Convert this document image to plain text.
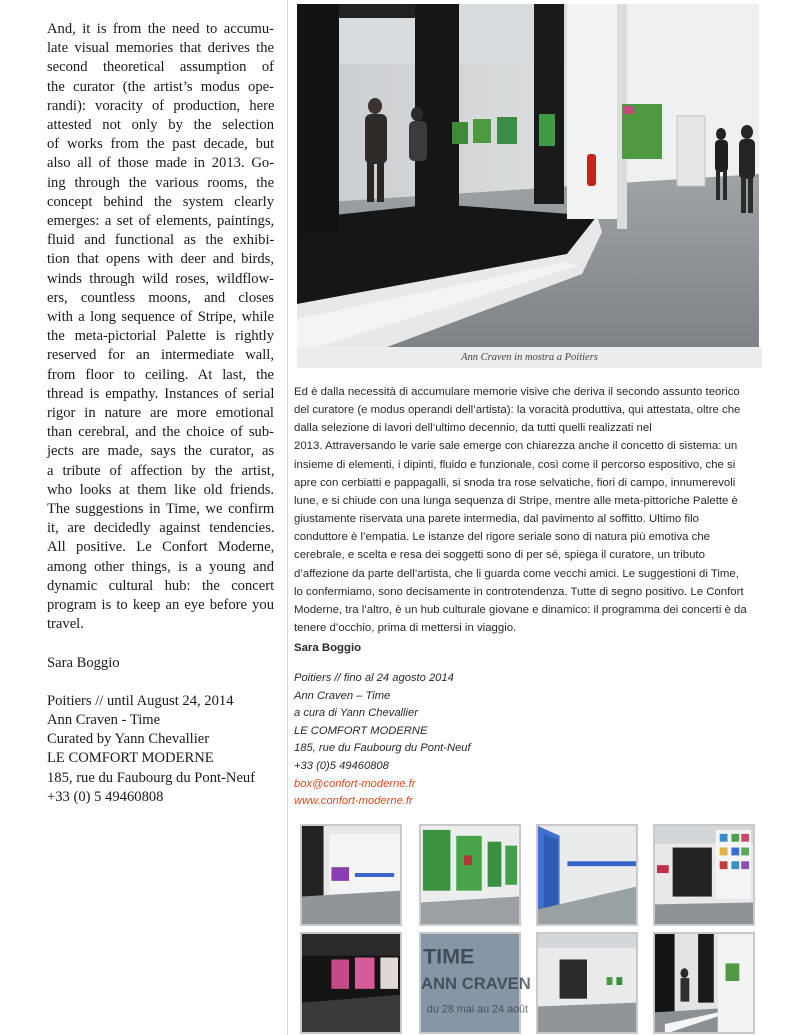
And, it is from the need to accumu-
late visual memories that derives the
second theoretical assumption of
the curator (the artist’s modus ope-
randi): voracity of production, here
attested not only by the selection
of works from the past decade, but
also all of those made in 2013. Go-
ing through the various rooms, the
concept behind the system clearly
emerges: a set of elements, paintings,
fluid and functional as the exhibi-
tion that opens with deer and birds,
winds through wild roses, wildflow-
ers, countless moons, and closes
with a long sequence of Stripe, while
the meta-pictorial Palette is rightly
reserved for an intermediate wall,
from floor to ceiling. At last, the
thread is empathy. Instances of serial
rigor in nature are more emotional
than cerebral, and the choice of sub-
jects are made, says the curator, as
a tribute of affection by the artist,
who looks at them like old friends.
The suggestions in Time, we confirm
it, are decidedly against tendencies.
All positive. Le Confort Moderne,
among other things, is a young and
dynamic cultural hub: the concert
program is to keep an eye before you
travel.
Sara Boggio
Poitiers // until August 24, 2014
Ann Craven - Time
Curated by Yann Chevallier
LE COMFORT MODERNE
185, rue du Faubourg du Pont-Neuf
+33 (0) 5 49460808
Ann Craven in mostra a Poitiers
Ed è dalla necessità di accumulare memorie visive che deriva il secondo assunto teorico
del curatore (e modus operandi dell’artista): la voracità produttiva, qui attestata, oltre che
dalla selezione di lavori dell’ultimo decennio, da tutti quelli realizzati nel
2013. Attraversando le varie sale emerge con chiarezza anche il concetto di sistema: un
insieme di elementi, i dipinti, fluido e funzionale, così come il percorso espositivo, che si
apre con cerbiatti e pappagalli, si snoda tra rose selvatiche, fiori di campo, innumerevoli
lune, e si chiude con una lunga sequenza di Stripe, mentre alle meta-pittoriche Palette è
giustamente riservata una parete intermedia, dal pavimento al soffitto. Ultimo filo
conduttore è l’empatia. Le istanze del rigore seriale sono di natura più emotiva che
cerebrale, e scelta e resa dei soggetti sono di per sé, spiega il curatore, un tributo
d’affezione da parte dell’artista, che li guarda come vecchi amici. Le suggestioni di Time,
lo confermiamo, sono decisamente in controtendenza. Tutte di segno positivo. Le Confort
Moderne, tra l’altro, è un hub culturale giovane e dinamico: il programma dei concerti è da
tenere d’occhio, prima di mettersi in viaggio.
Sara Boggio
Poitiers // fino al 24 agosto 2014
Ann Craven – Time
a cura di Yann Chevallier
LE COMFORT MODERNE
185, rue du Faubourg du Pont-Neuf
+33 (0)5 49460808
box@confort-moderne.fr
www.confort-moderne.fr
TIME
ANN CRAVEN
du 28 mai au 24 août
